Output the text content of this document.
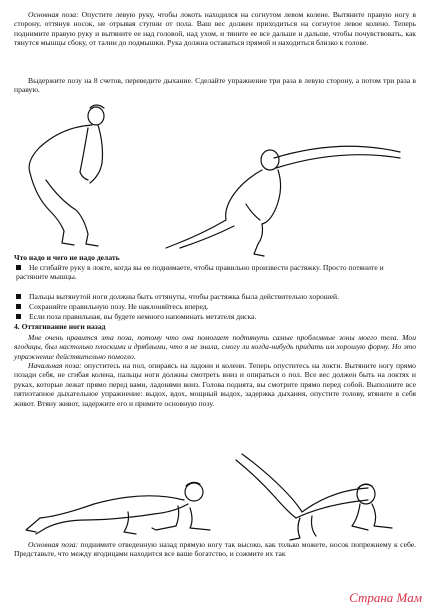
Основная поза: Опустите левую руку, чтобы локоть находился на согнутом левом колене. Вытяните правую ногу в сторону, оттянув носок, не отрывая ступни от пола. Ваш вес должен приходиться на согнутое левое колено. Теперь поднимите правую руку и вытяните ее над головой, над ухом, и тяните ее все дальше и дальше, чтобы почувствовать, как тянутся мышцы сбоку, от талии до подмышки. Рука должна оставаться прямой и находиться близко к голове.
Выдержите позу на 8 счетов, переведите дыхание. Сделайте упражнение три раза в левую сторону, а потом три раза в правую.
Что надо и чего не надо делать
Не сгибайте руку в локте, когда вы ее поднимаете, чтобы правильно произвести растяжку. Просто потяните и растяните мышцы.
Пальцы вытянутой ноги должны быть оттянуты, чтобы растяжка была действительно хорошей.
Сохраняйте правильную позу. Не наклоняйтесь вперед.
Если поза правильная, вы будете немного напоминать метателя диска.
4. Оттягивание ноги назад
Мне очень нравится эта поза, потому что она помогает подтянуть самые проблемные зоны моего тела. Мои ягодицы, был настолько плоскими и дряблыми, что я не знала, смогу ли когда-нибудь придать им хорошую форму. Но это упражнение действительно помогло.
Начальная поза: опуститесь на пол, опираясь на ладони и колени. Теперь опуститесь на локти. Вытяните ногу прямо позади себя, не сгибая колена, пальцы ноги должны смотреть вниз и опираться о пол. Все вес должен быть на локтях и руках, которые лежат прямо перед вами, ладонями вниз. Голова поднята, вы смотрите прямо перед собой. Выполните все пятиэтапное дыхательное упражнение: выдох, вдох, мощный выдох, задержка дыхания, опустите голову, втяните в себя живот. Втяну живот, задержите его и примите основную позу.
Основная поза: поднимите отведенную назад прямую ногу так высоко, как только можете, носок попрежнему к себе. Представьте, что между ягодицами находится все ваше богатство, и сожмите их так
Страна Мам
